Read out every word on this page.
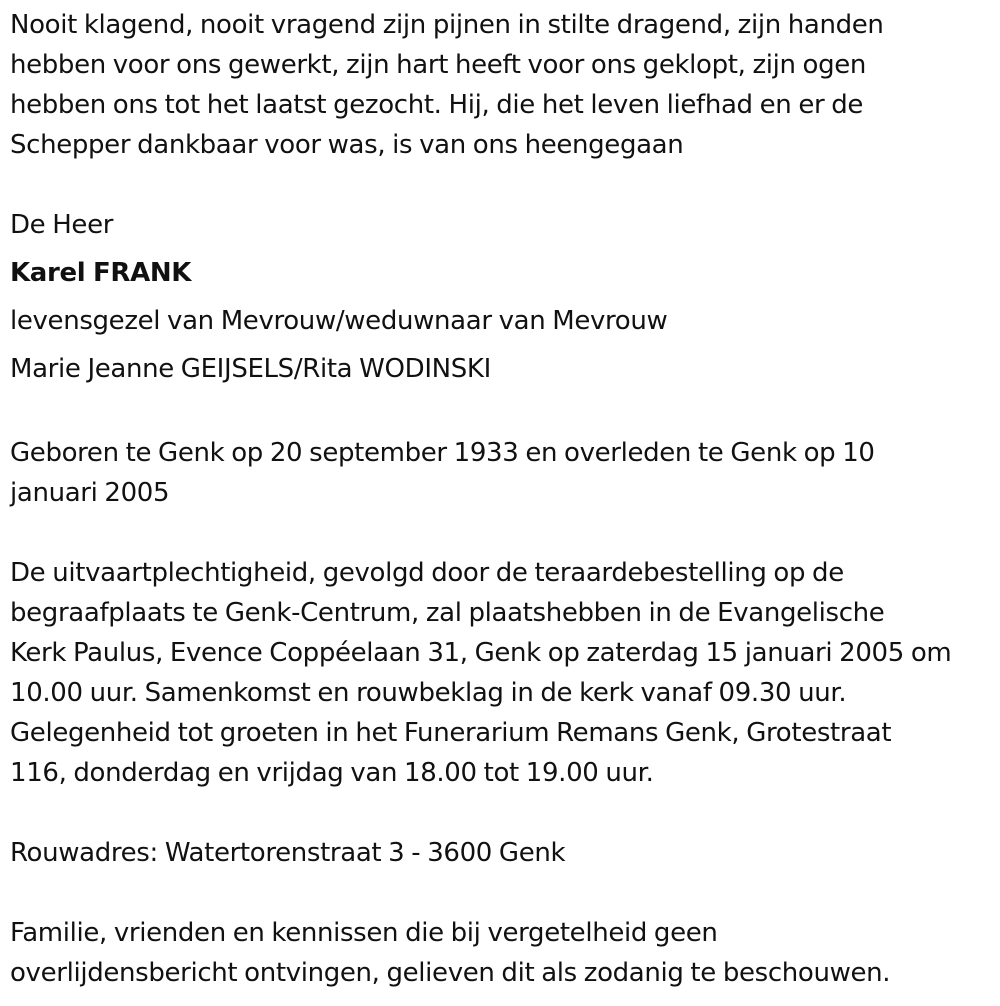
Nooit klagend, nooit vragend zijn pijnen in stilte dragend, zijn handen
hebben voor ons gewerkt, zijn hart heeft voor ons geklopt, zijn ogen
hebben ons tot het laatst gezocht. Hij, die het leven liefhad en er de
Schepper dankbaar voor was, is van ons heengegaan
De Heer
Karel FRANK
levensgezel van Mevrouw/weduwnaar van Mevrouw
Marie Jeanne GEIJSELS/Rita WODINSKI
Geboren te Genk op 20 september 1933 en overleden te Genk op 10
januari 2005
De uitvaartplechtigheid, gevolgd door de teraardebestelling op de
begraafplaats te Genk-Centrum, zal plaatshebben in de Evangelische
Kerk Paulus, Evence Coppéelaan 31, Genk op zaterdag 15 januari 2005 om
10.00 uur. Samenkomst en rouwbeklag in de kerk vanaf 09.30 uur.
Gelegenheid tot groeten in het Funerarium Remans Genk, Grotestraat
116, donderdag en vrijdag van 18.00 tot 19.00 uur.
Rouwadres: Watertorenstraat 3 - 3600 Genk
Familie, vrienden en kennissen die bij vergetelheid geen
overlijdensbericht ontvingen, gelieven dit als zodanig te beschouwen.
